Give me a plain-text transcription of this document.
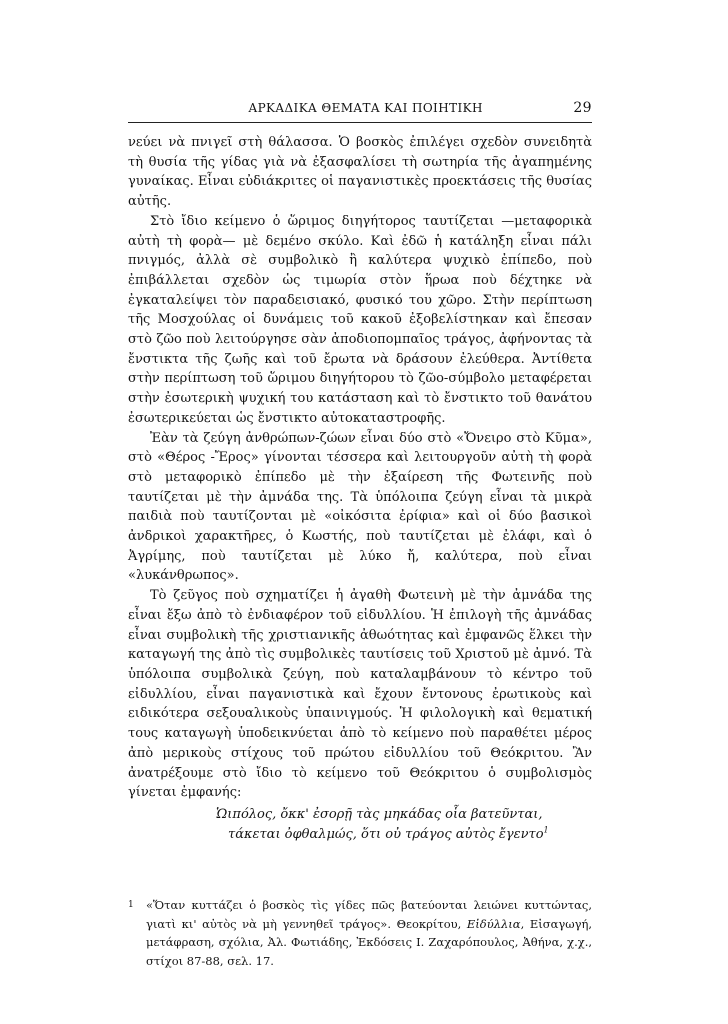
ΑΡΚΑΔΙΚΑ ΘΕΜΑΤΑ ΚΑΙ ΠΟΙΗΤΙΚΗ	29

νεύει νὰ πνιγεῖ στὴ θάλασσα. Ὁ βοσκὸς ἐπιλέγει σχεδὸν συνειδητὰ τὴ θυσία τῆς γίδας γιὰ νὰ ἐξασφαλίσει τὴ σωτηρία τῆς ἀγαπημένης γυναίκας. Εἶναι εὐδιάκριτες οἱ παγανιστικὲς προεκτάσεις τῆς θυσίας αὐτῆς.

Στὸ ἴδιο κείμενο ὁ ὥριμος διηγήτορος ταυτίζεται —μεταφορικὰ αὐτὴ τὴ φορὰ— μὲ δεμένο σκύλο. Καὶ ἐδῶ ἡ κατάληξη εἶναι πάλι πνιγμός, ἀλλὰ σὲ συμβολικὸ ἢ καλύτερα ψυχικὸ ἐπίπεδο, ποὺ ἐπιβάλλεται σχεδὸν ὡς τιμωρία στὸν ἥρωα ποὺ δέχτηκε νὰ ἐγκαταλείψει τὸν παραδεισιακό, φυσικό του χῶρο. Στὴν περίπτωση τῆς Μοσχούλας οἱ δυνάμεις τοῦ κακοῦ ἐξοβελίστηκαν καὶ ἔπεσαν στὸ ζῶο ποὺ λειτούργησε σὰν ἀποδιοπομπαῖος τράγος, ἀφήνοντας τὰ ἔνστικτα τῆς ζωῆς καὶ τοῦ ἔρωτα νὰ δράσουν ἐλεύθερα. Ἀντίθετα στὴν περίπτωση τοῦ ὥριμου διηγήτορου τὸ ζῶο-σύμβολο μεταφέρεται στὴν ἐσωτερικὴ ψυχική του κατάσταση καὶ τὸ ἔνστικτο τοῦ θανάτου ἐσωτερικεύεται ὡς ἔνστικτο αὐτοκαταστροφῆς.

Ἐὰν τὰ ζεύγη ἀνθρώπων-ζώων εἶναι δύο στὸ «Ὄνειρο στὸ Κῦμα», στὸ «Θέρος -Ἔρος» γίνονται τέσσερα καὶ λειτουργοῦν αὐτὴ τὴ φορὰ στὸ μεταφορικὸ ἐπίπεδο μὲ τὴν ἐξαίρεση τῆς Φωτεινῆς ποὺ ταυτίζεται μὲ τὴν ἀμνάδα της. Τὰ ὑπόλοιπα ζεύγη εἶναι τὰ μικρὰ παιδιὰ ποὺ ταυτίζονται μὲ «οἰκόσιτα ἐρίφια» καὶ οἱ δύο βασικοὶ ἀνδρικοὶ χαρακτῆρες, ὁ Κωστής, ποὺ ταυτίζεται μὲ ἐλάφι, καὶ ὁ Ἀγρίμης, ποὺ ταυτίζεται μὲ λύκο ἤ, καλύτερα, ποὺ εἶναι «λυκάνθρωπος».

Τὸ ζεῦγος ποὺ σχηματίζει ἡ ἀγαθὴ Φωτεινὴ μὲ τὴν ἀμνάδα της εἶναι ἔξω ἀπὸ τὸ ἐνδιαφέρον τοῦ εἰδυλλίου. Ἡ ἐπιλογὴ τῆς ἀμνάδας εἶναι συμβολικὴ τῆς χριστιανικῆς ἀθωότητας καὶ ἐμφανῶς ἕλκει τὴν καταγωγή της ἀπὸ τὶς συμβολικὲς ταυτίσεις τοῦ Χριστοῦ μὲ ἀμνό. Τὰ ὑπόλοιπα συμβολικὰ ζεύγη, ποὺ καταλαμβάνουν τὸ κέντρο τοῦ εἰδυλλίου, εἶναι παγανιστικὰ καὶ ἔχουν ἔντονους ἐρωτικοὺς καὶ ειδικότερα σεξουαλικοὺς ὑπαινιγμούς. Ἡ φιλολογικὴ καὶ θεματική τους καταγωγὴ ὑποδεικνύεται ἀπὸ τὸ κείμενο ποὺ παραθέτει μέρος ἀπὸ μερικοὺς στίχους τοῦ πρώτου εἰδυλλίου τοῦ Θεόκριτου. Ἂν ἀνατρέξουμε στὸ ἴδιο τὸ κείμενο τοῦ Θεόκριτου ὁ συμβολισμὸς γίνεται ἐμφανής:

Ὡιπόλος, ὄκκ' ἐσορῇ τὰς μηκάδας οἷα βατεῦνται,
τάκεται ὀφθαλμώς, ὅτι οὐ τράγος αὐτὸς ἔγεντο$^1$
1	«Ὅταν κυττάζει ὁ βοσκὸς τὶς γίδες πῶς βατεύονται λειώνει κυττώντας, γιατὶ κι' αὐτὸς νὰ μὴ γεννηθεῖ τράγος». Θεοκρίτου, Εἰδύλλια, Εἰσαγωγή, μετάφραση, σχόλια, Ἀλ. Φωτιάδης, Ἐκδόσεις Ι. Ζαχαρόπουλος, Ἀθήνα, χ.χ., στίχοι 87-88, σελ. 17.
